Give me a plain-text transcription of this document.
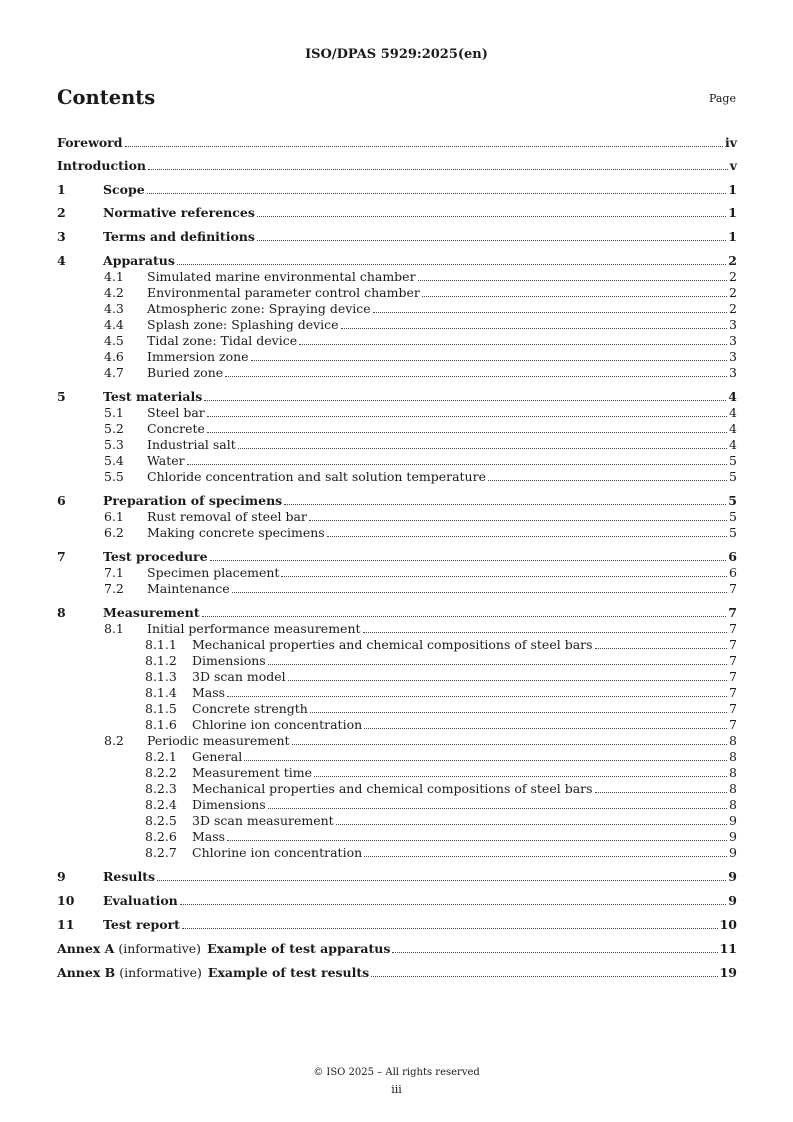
ISO/DPAS 5929:2025(en)
Contents	Page
Foreword	iv
Introduction	v
1	Scope	1
2	Normative references	1
3	Terms and definitions	1
4	Apparatus	2
4.1	Simulated marine environmental chamber	2
4.2	Environmental parameter control chamber	2
4.3	Atmospheric zone: Spraying device	2
4.4	Splash zone: Splashing device	3
4.5	Tidal zone: Tidal device	3
4.6	Immersion zone	3
4.7	Buried zone	3
5	Test materials	4
5.1	Steel bar	4
5.2	Concrete	4
5.3	Industrial salt	4
5.4	Water	5
5.5	Chloride concentration and salt solution temperature	5
6	Preparation of specimens	5
6.1	Rust removal of steel bar	5
6.2	Making concrete specimens	5
7	Test procedure	6
7.1	Specimen placement	6
7.2	Maintenance	7
8	Measurement	7
8.1	Initial performance measurement	7
8.1.1	Mechanical properties and chemical compositions of steel bars	7
8.1.2	Dimensions	7
8.1.3	3D scan model	7
8.1.4	Mass	7
8.1.5	Concrete strength	7
8.1.6	Chlorine ion concentration	7
8.2	Periodic measurement	8
8.2.1	General	8
8.2.2	Measurement time	8
8.2.3	Mechanical properties and chemical compositions of steel bars	8
8.2.4	Dimensions	8
8.2.5	3D scan measurement	9
8.2.6	Mass	9
8.2.7	Chlorine ion concentration	9
9	Results	9
10	Evaluation	9
11	Test report	10
Annex A (informative) Example of test apparatus	11
Annex B (informative) Example of test results	19
© ISO 2025 – All rights reserved
iii
